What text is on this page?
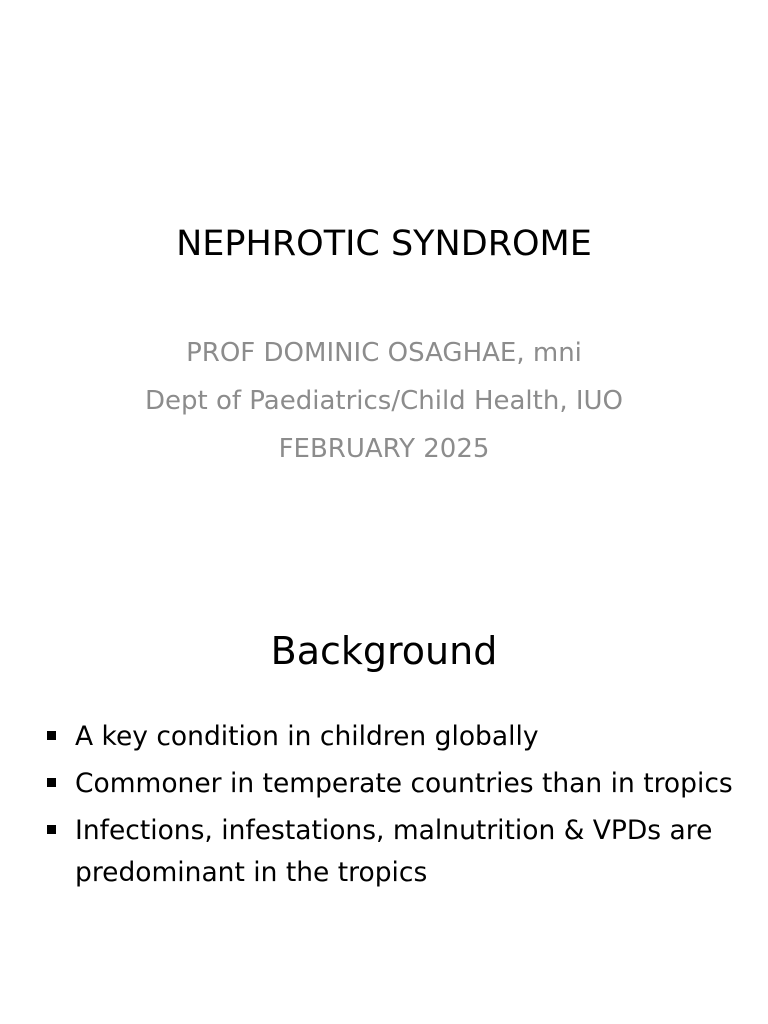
NEPHROTIC SYNDROME
PROF DOMINIC OSAGHAE, mni
Dept of Paediatrics/Child Health, IUO
FEBRUARY 2025
Background
A key condition in children globally
Commoner in temperate countries than in tropics
Infections, infestations, malnutrition & VPDs are predominant in the tropics
